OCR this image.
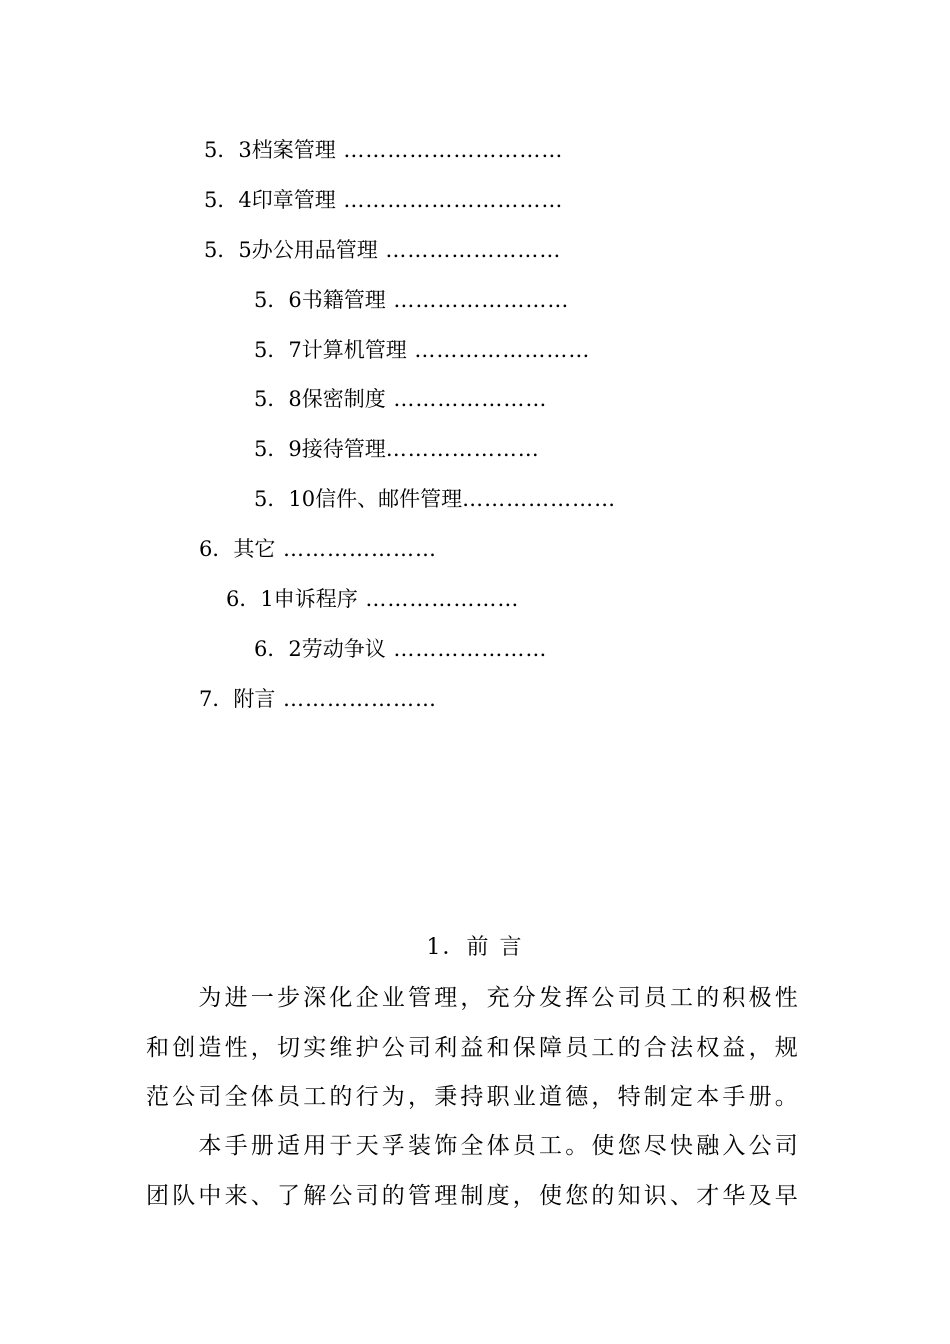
5．3档案管理 …………………………
5．4印章管理 …………………………
5．5办公用品管理 ……………………
5．6书籍管理 ……………………
5．7计算机管理 ……………………
5．8保密制度 …………………
5．9接待管理…………………
5．10信件、邮件管理…………………
6．其它 …………………
6．1申诉程序 …………………
6．2劳动争议 …………………
7．附言 …………………
1．前 言
　　为进一步深化企业管理，充分发挥公司员工的积极性
和创造性，切实维护公司利益和保障员工的合法权益，规
范公司全体员工的行为，秉持职业道德，特制定本手册。
　　本手册适用于天孚装饰全体员工。使您尽快融入公司
团队中来、了解公司的管理制度，使您的知识、才华及早
